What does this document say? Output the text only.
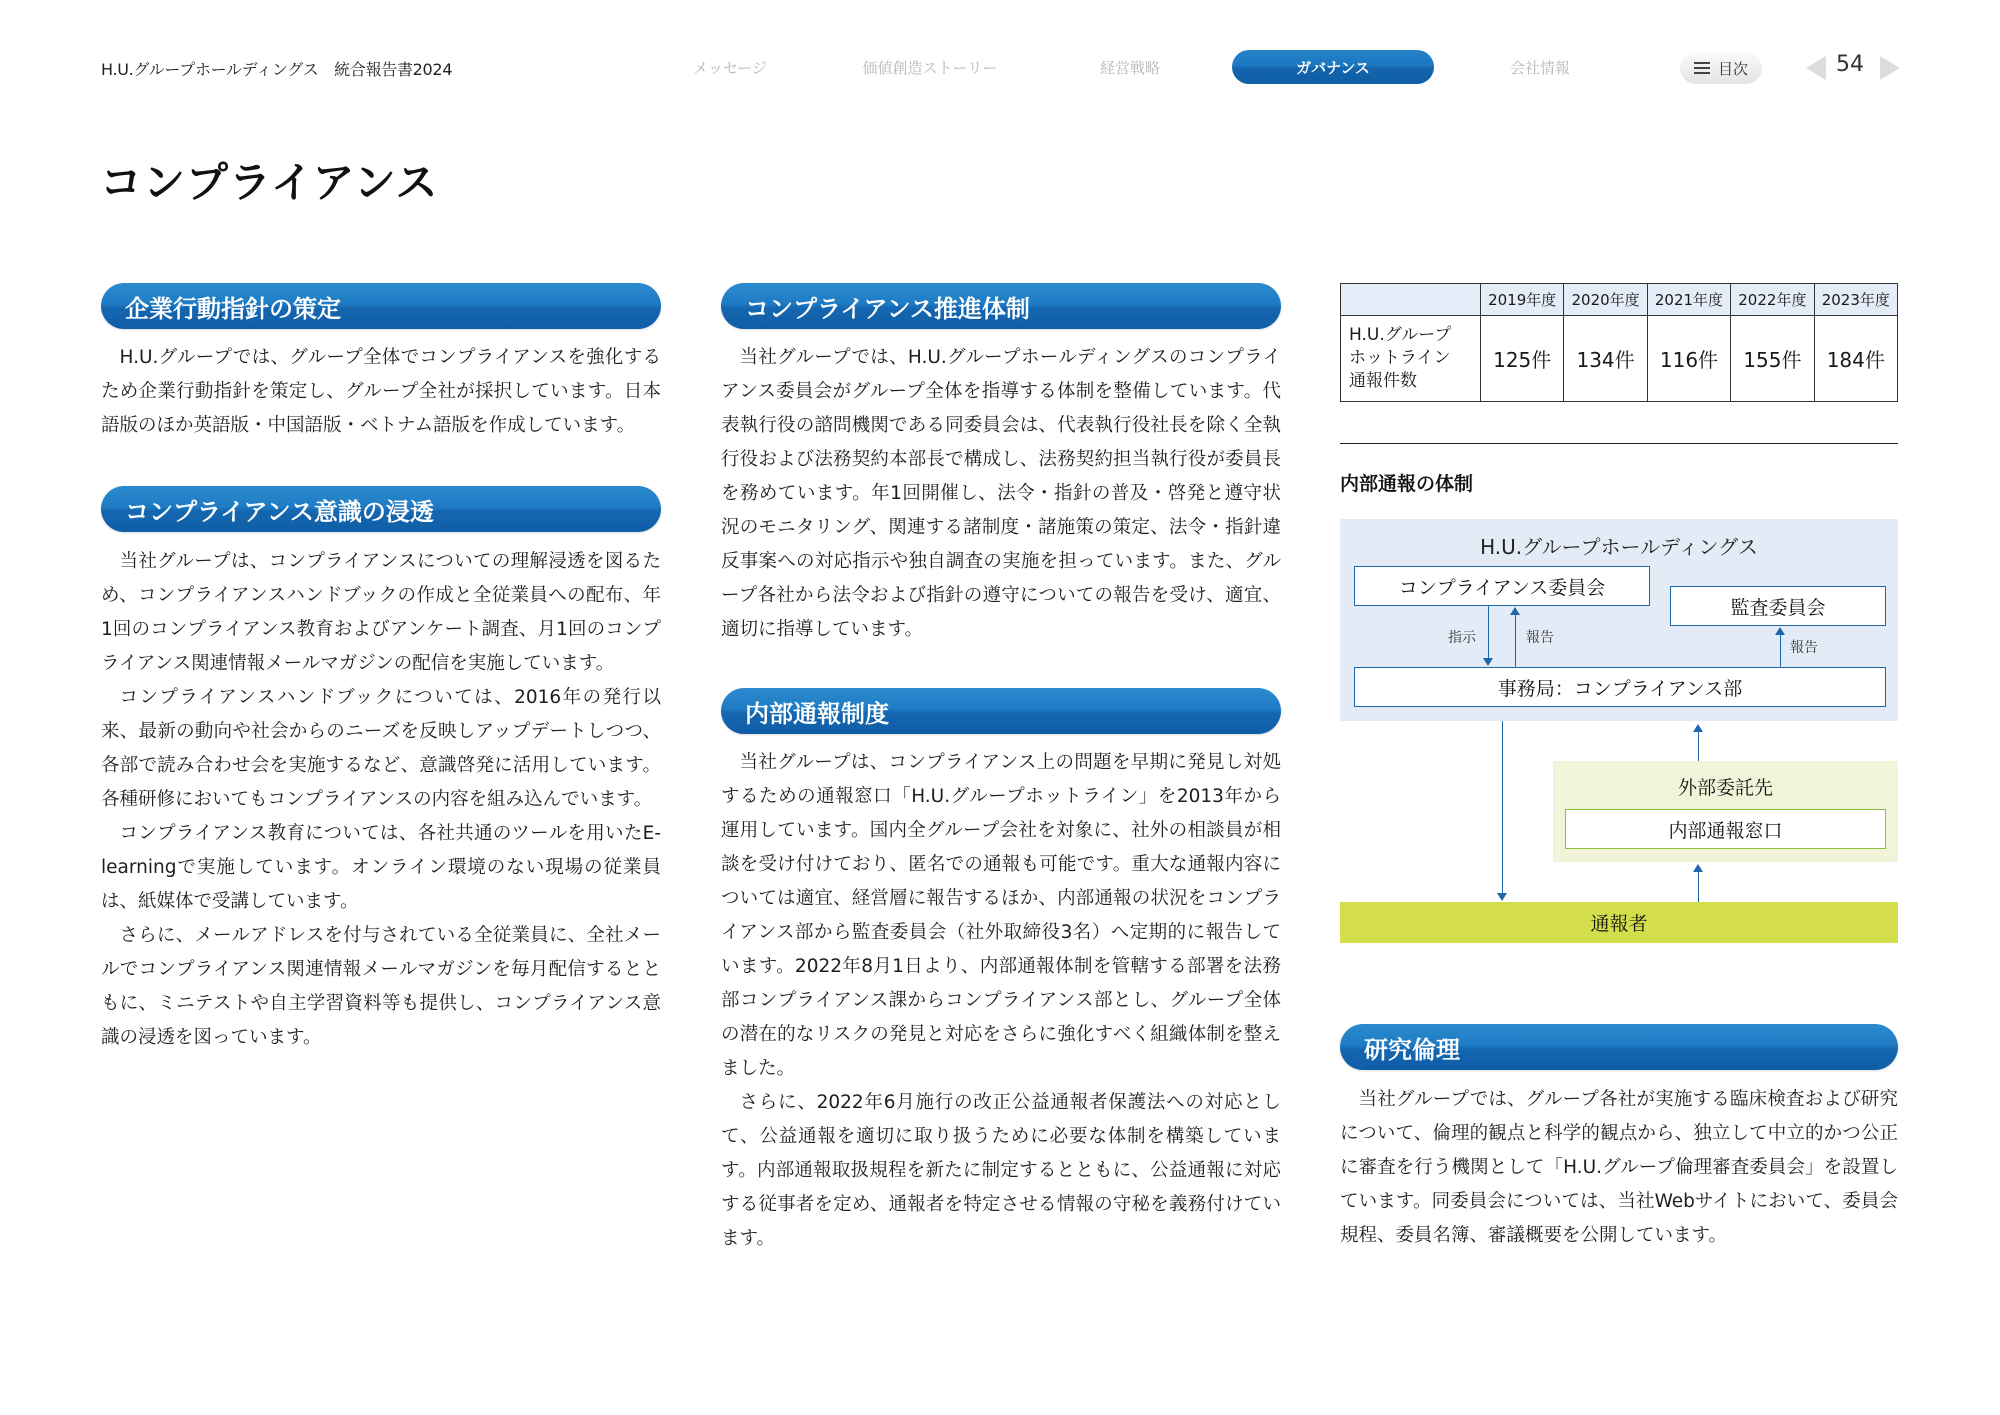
H.U.グループホールディングス　統合報告書2024	メッセージ	価値創造ストーリー	経営戦略	ガバナンス	会社情報	目次	54
コンプライアンス
企業行動指針の策定

H.U.グループでは、グループ全体でコンプライアンスを強化するため企業行動指針を策定し、グループ全社が採択しています。日本語版のほか英語版・中国語版・ベトナム語版を作成しています。

コンプライアンス意識の浸透

当社グループは、コンプライアンスについての理解浸透を図るため、コンプライアンスハンドブックの作成と全従業員への配布、年1回のコンプライアンス教育およびアンケート調査、月1回のコンプライアンス関連情報メールマガジンの配信を実施しています。

コンプライアンスハンドブックについては、2016年の発行以来、最新の動向や社会からのニーズを反映しアップデートしつつ、各部で読み合わせ会を実施するなど、意識啓発に活用しています。各種研修においてもコンプライアンスの内容を組み込んでいます。

コンプライアンス教育については、各社共通のツールを用いたE-learningで実施しています。オンライン環境のない現場の従業員は、紙媒体で受講しています。

さらに、メールアドレスを付与されている全従業員に、全社メールでコンプライアンス関連情報メールマガジンを毎月配信するとともに、ミニテストや自主学習資料等も提供し、コンプライアンス意識の浸透を図っています。

コンプライアンス推進体制

当社グループでは、H.U.グループホールディングスのコンプライアンス委員会がグループ全体を指導する体制を整備しています。代表執行役の諮問機関である同委員会は、代表執行役社長を除く全執行役および法務契約本部長で構成し、法務契約担当執行役が委員長を務めています。年1回開催し、法令・指針の普及・啓発と遵守状況のモニタリング、関連する諸制度・諸施策の策定、法令・指針違反事案への対応指示や独自調査の実施を担っています。また、グループ各社から法令および指針の遵守についての報告を受け、適宜、適切に指導しています。

内部通報制度

当社グループは、コンプライアンス上の問題を早期に発見し対処するための通報窓口「H.U.グループホットライン」を2013年から運用しています。国内全グループ会社を対象に、社外の相談員が相談を受け付けており、匿名での通報も可能です。重大な通報内容については適宜、経営層に報告するほか、内部通報の状況をコンプライアンス部から監査委員会（社外取締役3名）へ定期的に報告しています。2022年8月1日より、内部通報体制を管轄する部署を法務部コンプライアンス課からコンプライアンス部とし、グループ全体の潜在的なリスクの発見と対応をさらに強化すべく組織体制を整えました。

さらに、2022年6月施行の改正公益通報者保護法への対応として、公益通報を適切に取り扱うために必要な体制を構築しています。内部通報取扱規程を新たに制定するとともに、公益通報に対応する従事者を定め、通報者を特定させる情報の守秘を義務付けています。

	2019年度	2020年度	2021年度	2022年度	2023年度

H.U.グループ
ホットライン
通報件数	125件	134件	116件	155件	184件
内部通報の体制
H.U.グループホールディングス
コンプライアンス委員会
監査委員会
事務局：コンプライアンス部
指示	報告
報告
外部委託先
内部通報窓口
通報者
研究倫理

当社グループでは、グループ各社が実施する臨床検査および研究について、倫理的観点と科学的観点から、独立して中立的かつ公正に審査を行う機関として「H.U.グループ倫理審査委員会」を設置しています。同委員会については、当社Webサイトにおいて、委員会規程、委員名簿、審議概要を公開しています。
